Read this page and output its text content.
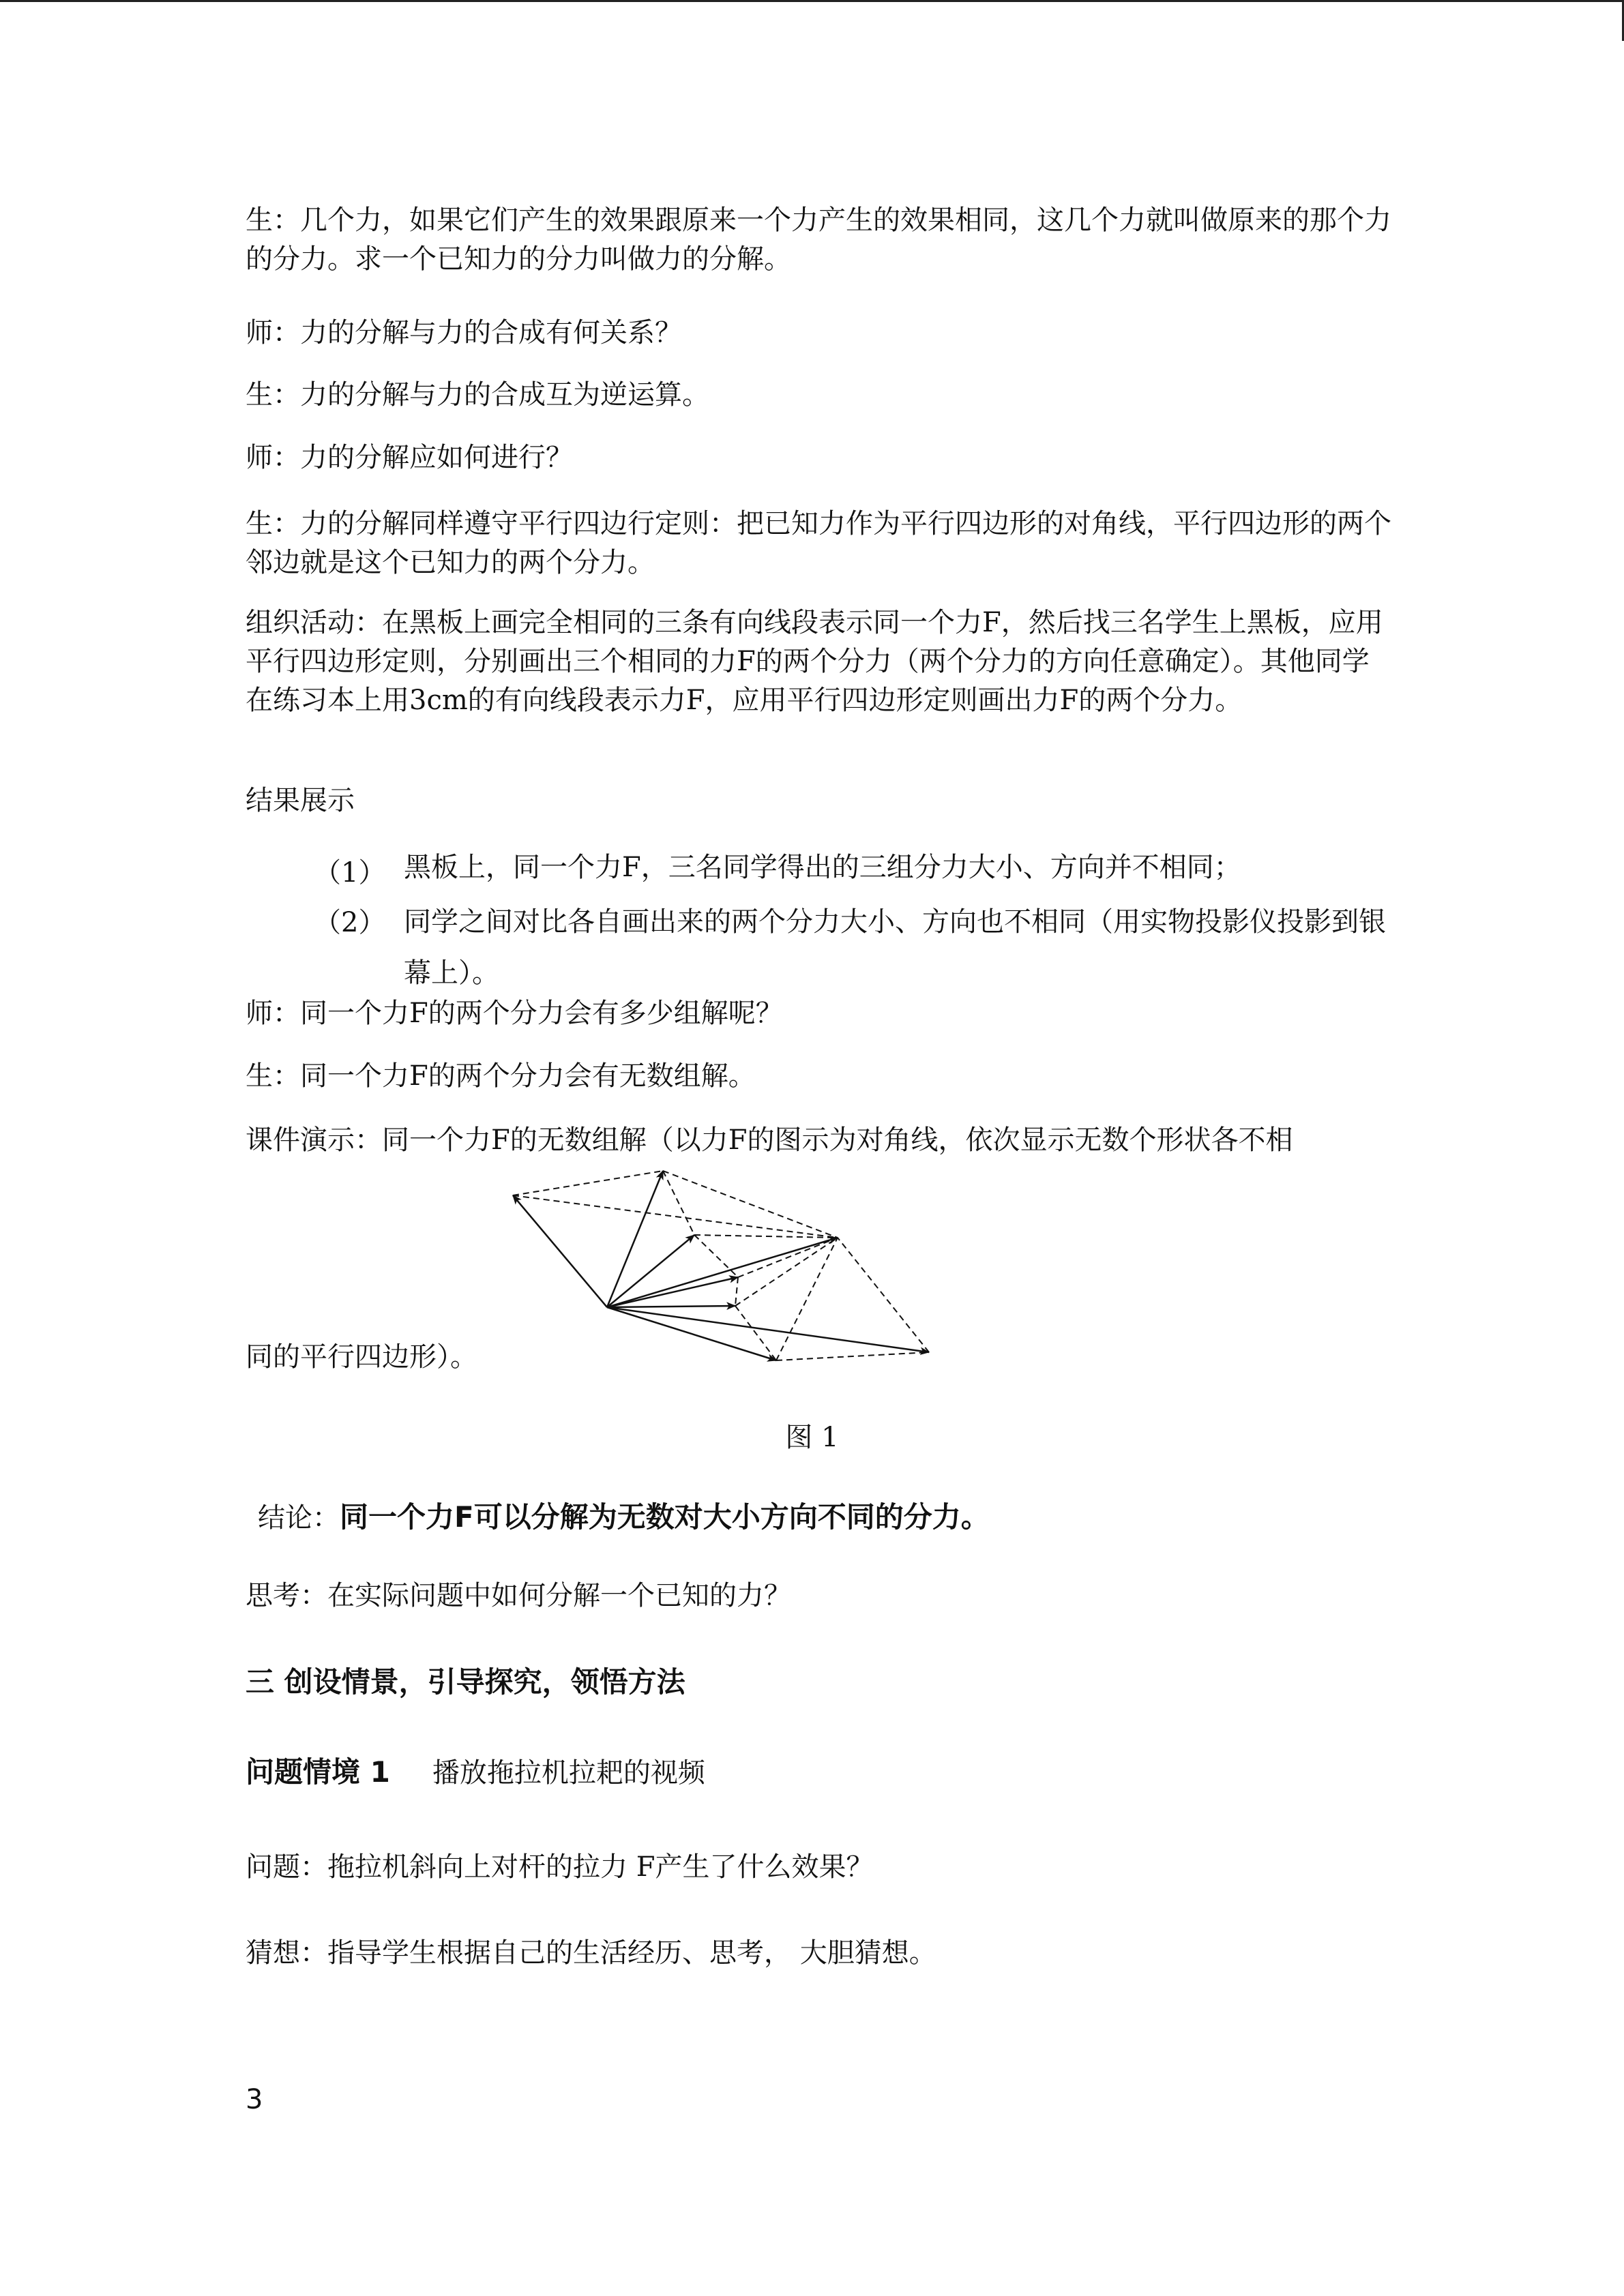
生：几个力，如果它们产生的效果跟原来一个力产生的效果相同，这几个力就叫做原来的那个力的分力。求一个已知力的分力叫做力的分解。

师：力的分解与力的合成有何关系？

生：力的分解与力的合成互为逆运算。

师：力的分解应如何进行？

生：力的分解同样遵守平行四边行定则：把已知力作为平行四边形的对角线，平行四边形的两个邻边就是这个已知力的两个分力。

组织活动：在黑板上画完全相同的三条有向线段表示同一个力F，然后找三名学生上黑板，应用平行四边形定则，分别画出三个相同的力F的两个分力（两个分力的方向任意确定）。其他同学在练习本上用3cm的有向线段表示力F，应用平行四边形定则画出力F的两个分力。

结果展示

（1） 黑板上，同一个力F，三名同学得出的三组分力大小、方向并不相同；
（2） 同学之间对比各自画出来的两个分力大小、方向也不相同（用实物投影仪投影到银幕上）。

师：同一个力F的两个分力会有多少组解呢？

生：同一个力F的两个分力会有无数组解。

课件演示：同一个力F的无数组解（以力F的图示为对角线，依次显示无数个形状各不相

同的平行四边形）。

结论：同一个力F可以分解为无数对大小方向不同的分力。

思考：在实际问题中如何分解一个已知的力？

三 创设情景，引导探究，领悟方法

问题情境 1 播放拖拉机拉耙的视频

问题：拖拉机斜向上对杆的拉力 F产生了什么效果？

猜想：指导学生根据自己的生活经历、思考， 大胆猜想。

图 1
3
